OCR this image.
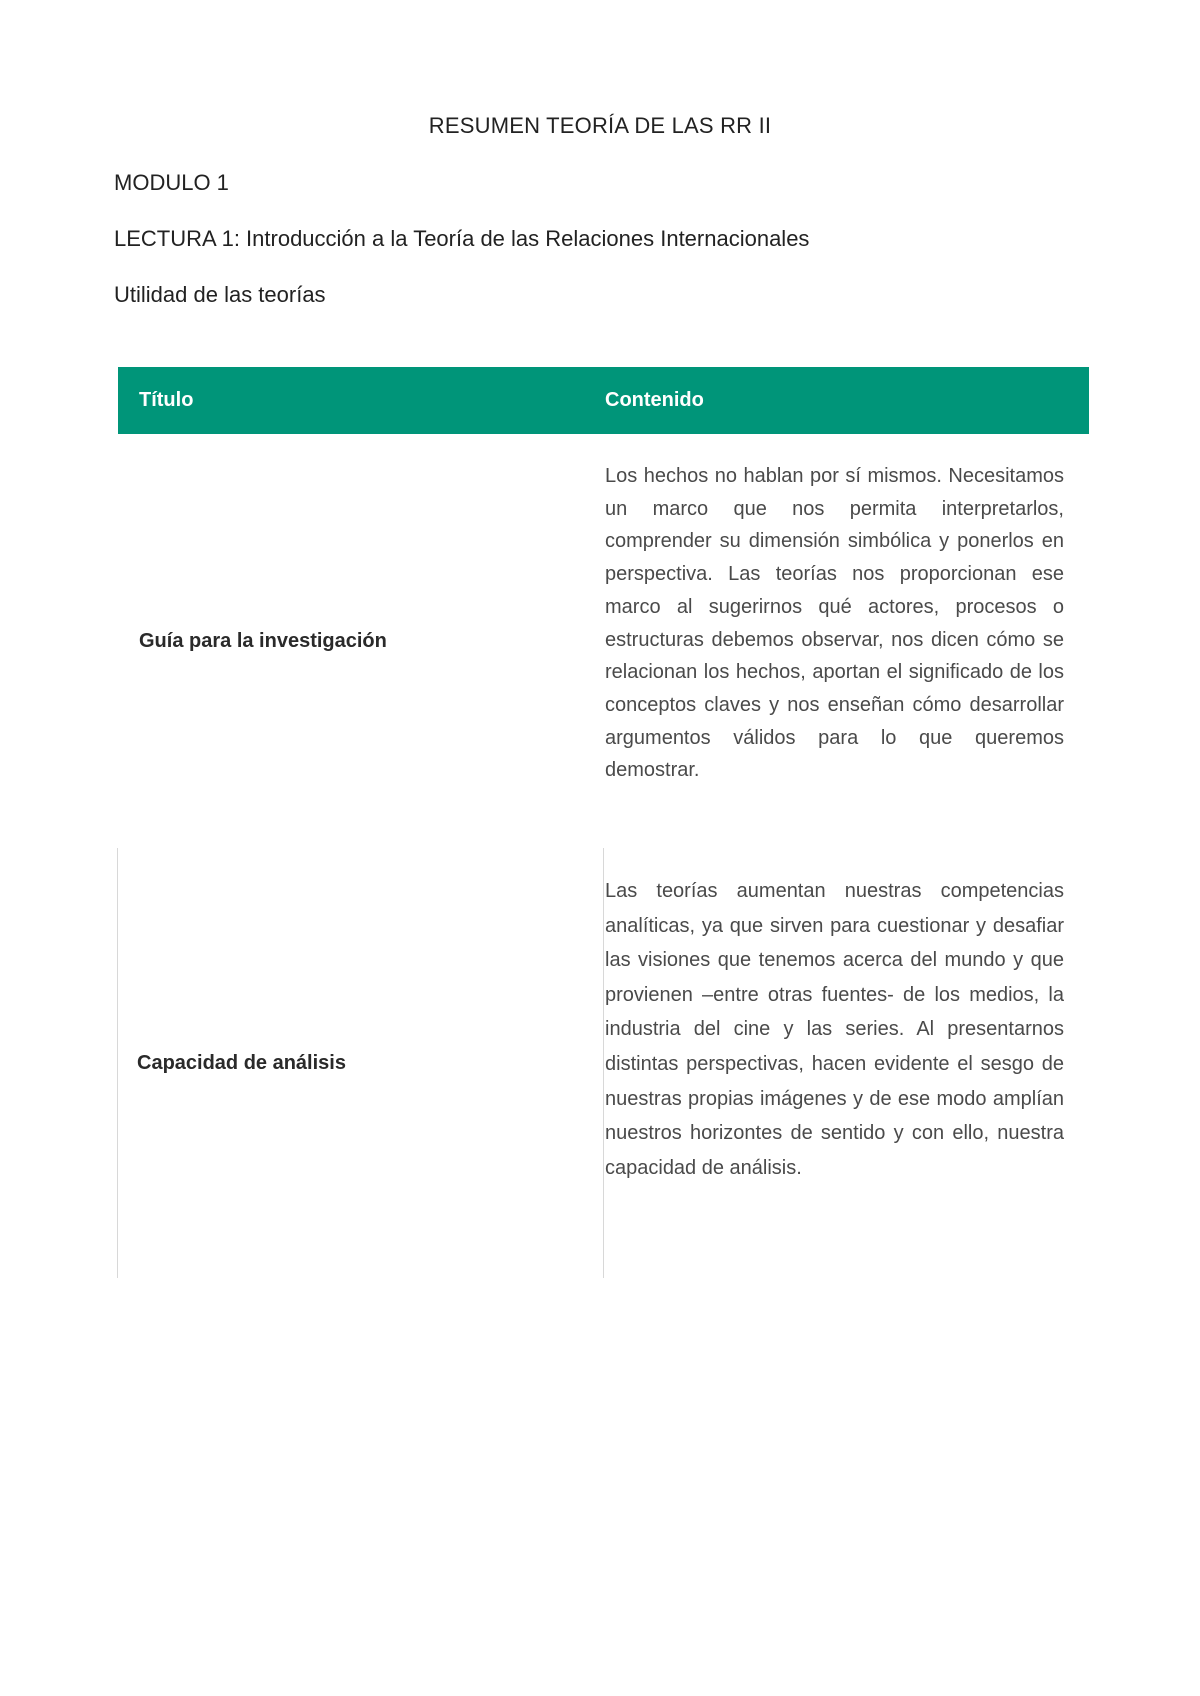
RESUMEN TEORÍA DE LAS RR II
MODULO 1
LECTURA 1: Introducción a la Teoría de las Relaciones Internacionales
Utilidad de las teorías
Título	Contenido
Guía para la investigación
Los hechos no hablan por sí mismos. Necesitamos un marco que nos permita interpretarlos, comprender su dimensión simbólica y ponerlos en perspectiva. Las teorías nos proporcionan ese marco al sugerirnos qué actores, procesos o estructuras debemos observar, nos dicen cómo se relacionan los hechos, aportan el significado de los conceptos claves y nos enseñan cómo desarrollar argumentos válidos para lo que queremos demostrar.
Capacidad de análisis
Las teorías aumentan nuestras competencias analíticas, ya que sirven para cuestionar y desafiar las visiones que tenemos acerca del mundo y que provienen –entre otras fuentes- de los medios, la industria del cine y las series. Al presentarnos distintas perspectivas, hacen evidente el sesgo de nuestras propias imágenes y de ese modo amplían nuestros horizontes de sentido y con ello, nuestra capacidad de análisis.
